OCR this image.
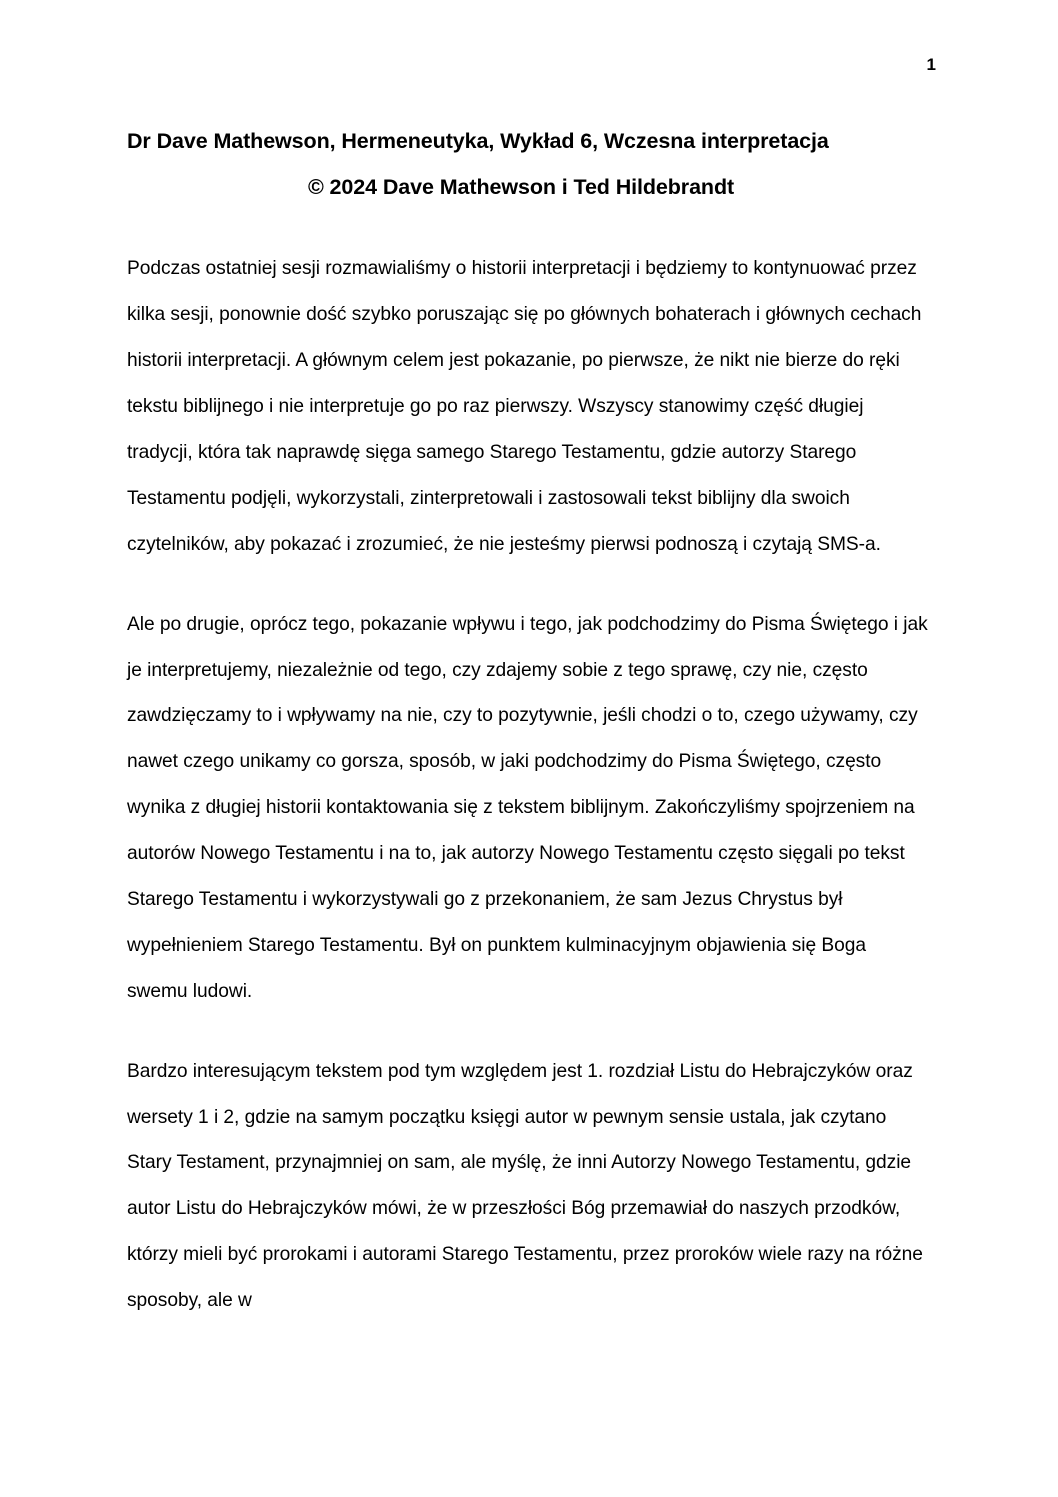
1
Dr Dave Mathewson, Hermeneutyka, Wykład 6, Wczesna interpretacja
© 2024 Dave Mathewson i Ted Hildebrandt

Podczas ostatniej sesji rozmawialiśmy o historii interpretacji i będziemy to kontynuować przez kilka sesji, ponownie dość szybko poruszając się po głównych bohaterach i głównych cechach historii interpretacji. A głównym celem jest pokazanie, po pierwsze, że nikt nie bierze do ręki tekstu biblijnego i nie interpretuje go po raz pierwszy. Wszyscy stanowimy część długiej tradycji, która tak naprawdę sięga samego Starego Testamentu, gdzie autorzy Starego Testamentu podjęli, wykorzystali, zinterpretowali i zastosowali tekst biblijny dla swoich czytelników, aby pokazać i zrozumieć, że nie jesteśmy pierwsi podnoszą i czytają SMS-a.

Ale po drugie, oprócz tego, pokazanie wpływu i tego, jak podchodzimy do Pisma Świętego i jak je interpretujemy, niezależnie od tego, czy zdajemy sobie z tego sprawę, czy nie, często zawdzięczamy to i wpływamy na nie, czy to pozytywnie, jeśli chodzi o to, czego używamy, czy nawet czego unikamy co gorsza, sposób, w jaki podchodzimy do Pisma Świętego, często wynika z długiej historii kontaktowania się z tekstem biblijnym. Zakończyliśmy spojrzeniem na autorów Nowego Testamentu i na to, jak autorzy Nowego Testamentu często sięgali po tekst Starego Testamentu i wykorzystywali go z przekonaniem, że sam Jezus Chrystus był wypełnieniem Starego Testamentu. Był on punktem kulminacyjnym objawienia się Boga swemu ludowi.

Bardzo interesującym tekstem pod tym względem jest 1. rozdział Listu do Hebrajczyków oraz wersety 1 i 2, gdzie na samym początku księgi autor w pewnym sensie ustala, jak czytano Stary Testament, przynajmniej on sam, ale myślę, że inni Autorzy Nowego Testamentu, gdzie autor Listu do Hebrajczyków mówi, że w przeszłości Bóg przemawiał do naszych przodków, którzy mieli być prorokami i autorami Starego Testamentu, przez proroków wiele razy na różne sposoby, ale w
